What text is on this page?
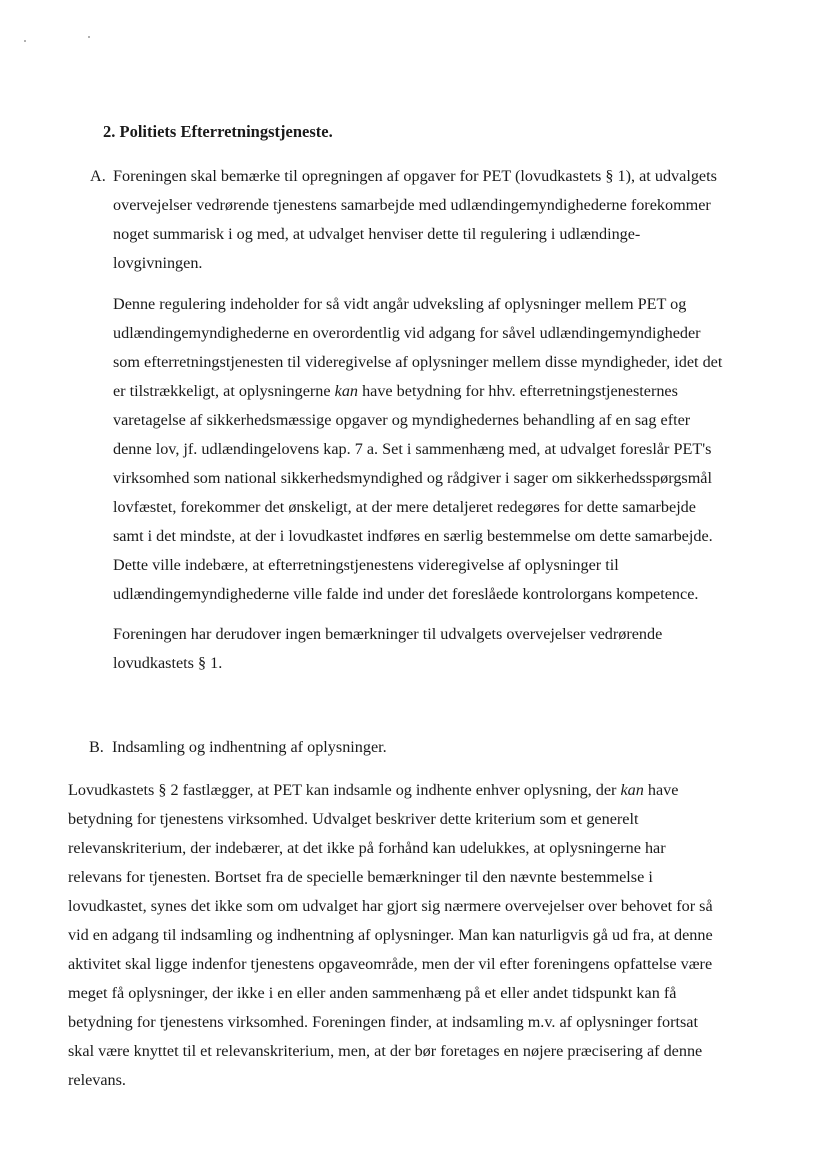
2. Politiets Efterretningstjeneste.
A. Foreningen skal bemærke til opregningen af opgaver for PET (lovudkastets § 1), at udvalgets
overvejelser vedrørende tjenestens samarbejde med udlændingemyndighederne forekommer
noget summarisk i og med, at udvalget henviser dette til regulering i udlændinge-
lovgivningen.

Denne regulering indeholder for så vidt angår udveksling af oplysninger mellem PET og
udlændingemyndighederne en overordentlig vid adgang for såvel udlændingemyndigheder
som efterretningstjenesten til videregivelse af oplysninger mellem disse myndigheder, idet det
er tilstrækkeligt, at oplysningerne kan have betydning for hhv. efterretningstjenesternes
varetagelse af sikkerhedsmæssige opgaver og myndighedernes behandling af en sag efter
denne lov, jf. udlændingelovens kap. 7 a. Set i sammenhæng med, at udvalget foreslår PET's
virksomhed som national sikkerhedsmyndighed og rådgiver i sager om sikkerhedsspørgsmål
lovfæstet, forekommer det ønskeligt, at der mere detaljeret redegøres for dette samarbejde
samt i det mindste, at der i lovudkastet indføres en særlig bestemmelse om dette samarbejde.
Dette ville indebære, at efterretningstjenestens videregivelse af oplysninger til
udlændingemyndighederne ville falde ind under det foreslåede kontrolorgans kompetence.

Foreningen har derudover ingen bemærkninger til udvalgets overvejelser vedrørende
lovudkastets § 1.

B. Indsamling og indhentning af oplysninger.

Lovudkastets § 2 fastlægger, at PET kan indsamle og indhente enhver oplysning, der kan have
betydning for tjenestens virksomhed. Udvalget beskriver dette kriterium som et generelt
relevanskriterium, der indebærer, at det ikke på forhånd kan udelukkes, at oplysningerne har
relevans for tjenesten. Bortset fra de specielle bemærkninger til den nævnte bestemmelse i
lovudkastet, synes det ikke som om udvalget har gjort sig nærmere overvejelser over behovet for så
vid en adgang til indsamling og indhentning af oplysninger. Man kan naturligvis gå ud fra, at denne
aktivitet skal ligge indenfor tjenestens opgaveområde, men der vil efter foreningens opfattelse være
meget få oplysninger, der ikke i en eller anden sammenhæng på et eller andet tidspunkt kan få
betydning for tjenestens virksomhed. Foreningen finder, at indsamling m.v. af oplysninger fortsat
skal være knyttet til et relevanskriterium, men, at der bør foretages en nøjere præcisering af denne
relevans.
